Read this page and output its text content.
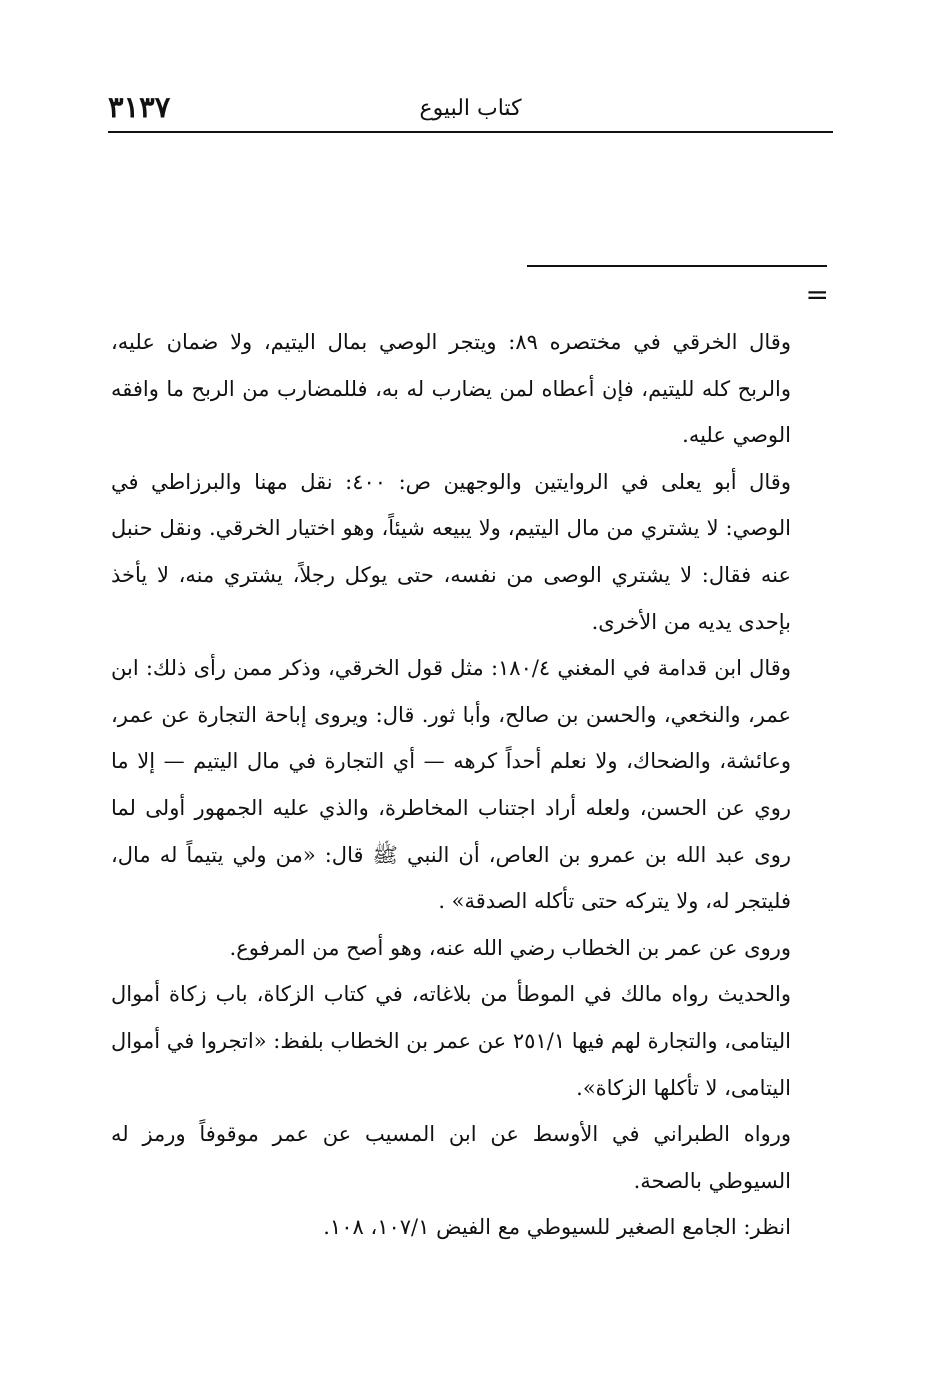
٣١٣٧	كتاب البيوع
=

وقال الخرقي في مختصره ٨٩: ويتجر الوصي بمال اليتيم، ولا ضمان عليه، والربح كله لليتيم، فإن أعطاه لمن يضارب له به، فللمضارب من الربح ما وافقه الوصي عليه.

وقال أبو يعلى في الروايتين والوجهين ص: ٤٠٠: نقل مهنا والبرزاطي في الوصي: لا يشتري من مال اليتيم، ولا يبيعه شيئاً، وهو اختيار الخرقي. ونقل حنبل عنه فقال: لا يشتري الوصى من نفسه، حتى يوكل رجلاً، يشتري منه، لا يأخذ بإحدى يديه من الأخرى.

وقال ابن قدامة في المغني ١٨٠/٤: مثل قول الخرقي، وذكر ممن رأى ذلك: ابن عمر، والنخعي، والحسن بن صالح، وأبا ثور. قال: ويروى إباحة التجارة عن عمر، وعائشة، والضحاك، ولا نعلم أحداً كرهه — أي التجارة في مال اليتيم — إلا ما روي عن الحسن، ولعله أراد اجتناب المخاطرة، والذي عليه الجمهور أولى لما روى عبد الله بن عمرو بن العاص، أن النبي ﷺ قال: «من ولي يتيماً له مال، فليتجر له، ولا يتركه حتى تأكله الصدقة» .

وروى عن عمر بن الخطاب رضي الله عنه، وهو أصح من المرفوع.

والحديث رواه مالك في الموطأ من بلاغاته، في كتاب الزكاة، باب زكاة أموال اليتامى، والتجارة لهم فيها ٢٥١/١ عن عمر بن الخطاب بلفظ: «اتجروا في أموال اليتامى، لا تأكلها الزكاة».

ورواه الطبراني في الأوسط عن ابن المسيب عن عمر موقوفاً ورمز له السيوطي بالصحة.

انظر: الجامع الصغير للسيوطي مع الفيض ١٠٧/١، ١٠٨.
